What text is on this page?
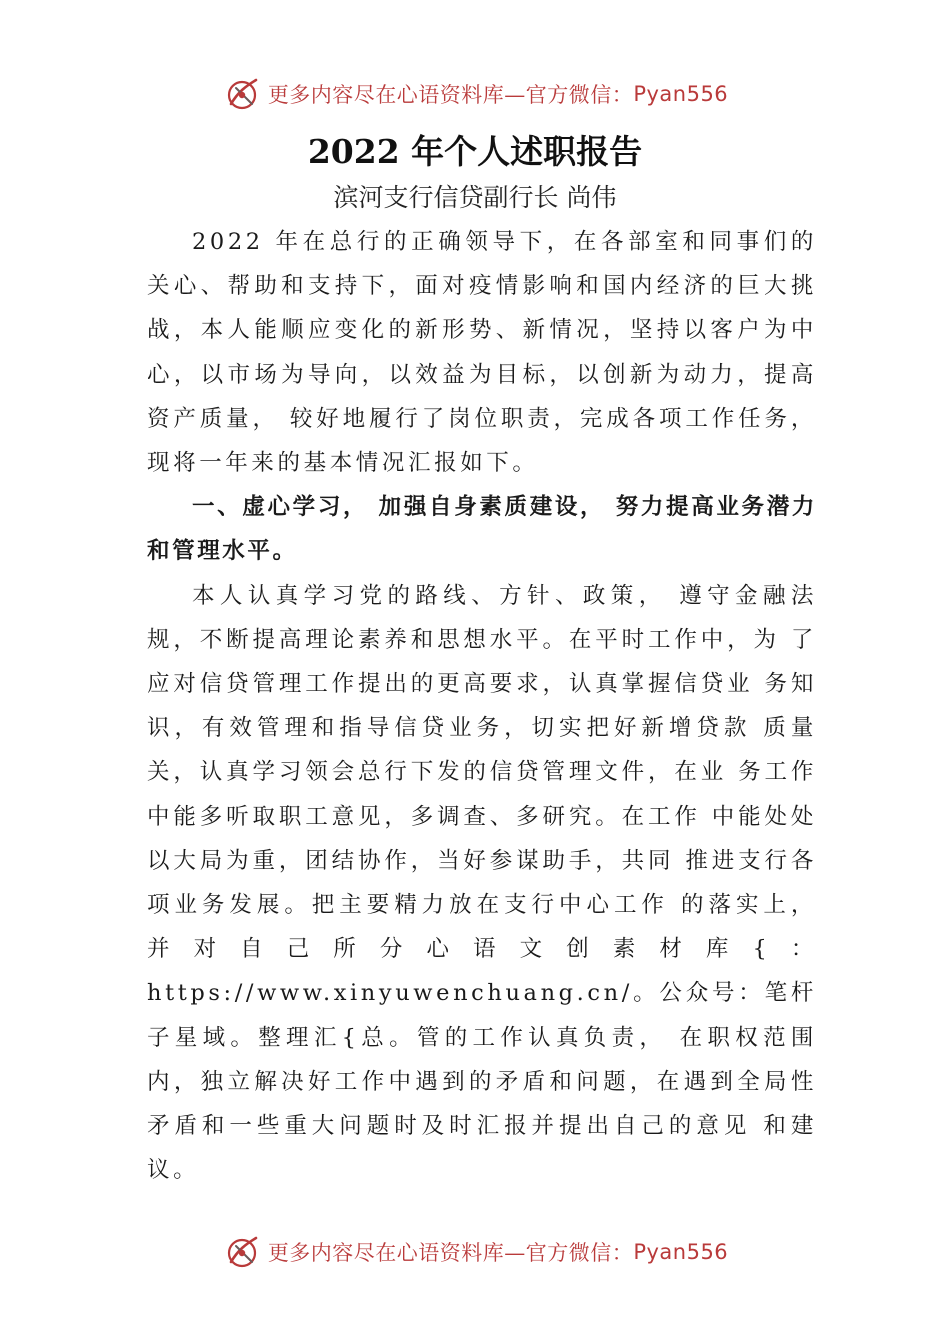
更多内容尽在心语资料库—官方微信： Pyan556
2022 年个人述职报告
滨河支行信贷副行长 尚伟

2022 年在总行的正确领导下，在各部室和同事们的关心、帮助和支持下，面对疫情影响和国内经济的巨大挑战，本人能顺应变化的新形势、新情况，坚持以客户为中心，以市场为导向，以效益为目标，以创新为动力，提高资产质量， 较好地履行了岗位职责，完成各项工作任务，现将一年来的基本情况汇报如下。

一、虚心学习， 加强自身素质建设， 努力提高业务潜力和管理水平。

本人认真学习党的路线、方针、政策， 遵守金融法规，不断提高理论素养和思想水平。在平时工作中，为 了应对信贷管理工作提出的更高要求，认真掌握信贷业 务知识，有效管理和指导信贷业务，切实把好新增贷款 质量关，认真学习领会总行下发的信贷管理文件，在业 务工作中能多听取职工意见，多调查、多研究。在工作 中能处处以大局为重，团结协作，当好参谋助手，共同 推进支行各项业务发展。把主要精力放在支行中心工作 的落实上， 并对自己所分心语文创素材库{：https://www.xinyuwenchuang.cn/。公众号：笔杆子星域。整理汇{总。管的工作认真负责， 在职权范围内，独立解决好工作中遇到的矛盾和问题，在遇到全局性矛盾和一些重大问题时及时汇报并提出自己的意见 和建议。

更多内容尽在心语资料库—官方微信： Pyan556
